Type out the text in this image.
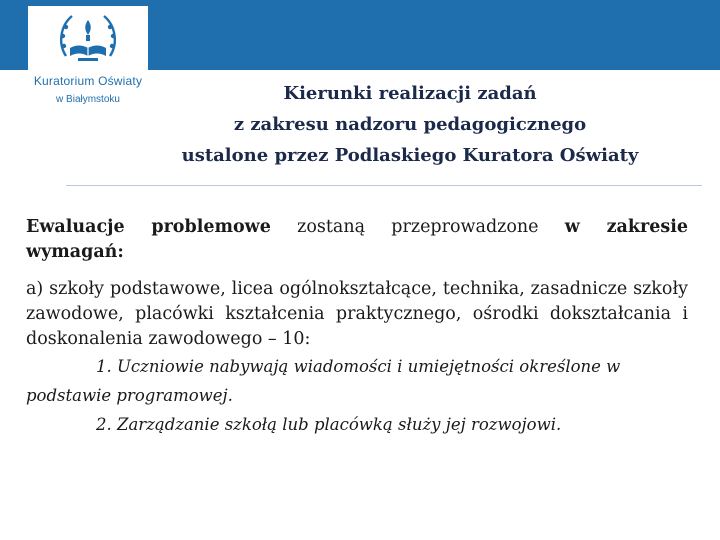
Kuratorium Oświaty
w Białymstoku	Kierunki realizacji zadań
z zakresu nadzoru pedagogicznego
ustalone przez Podlaskiego Kuratora Oświaty

Ewaluacje problemowe zostaną przeprowadzone w zakresie wymagań:

a) szkoły podstawowe, licea ogólnokształcące, technika, zasadnicze szkoły zawodowe, placówki kształcenia praktycznego, ośrodki dokształcania i doskonalenia zawodowego – 10:

1. Uczniowie nabywają wiadomości i umiejętności określone w podstawie programowej.

2. Zarządzanie szkołą lub placówką służy jej rozwojowi.
